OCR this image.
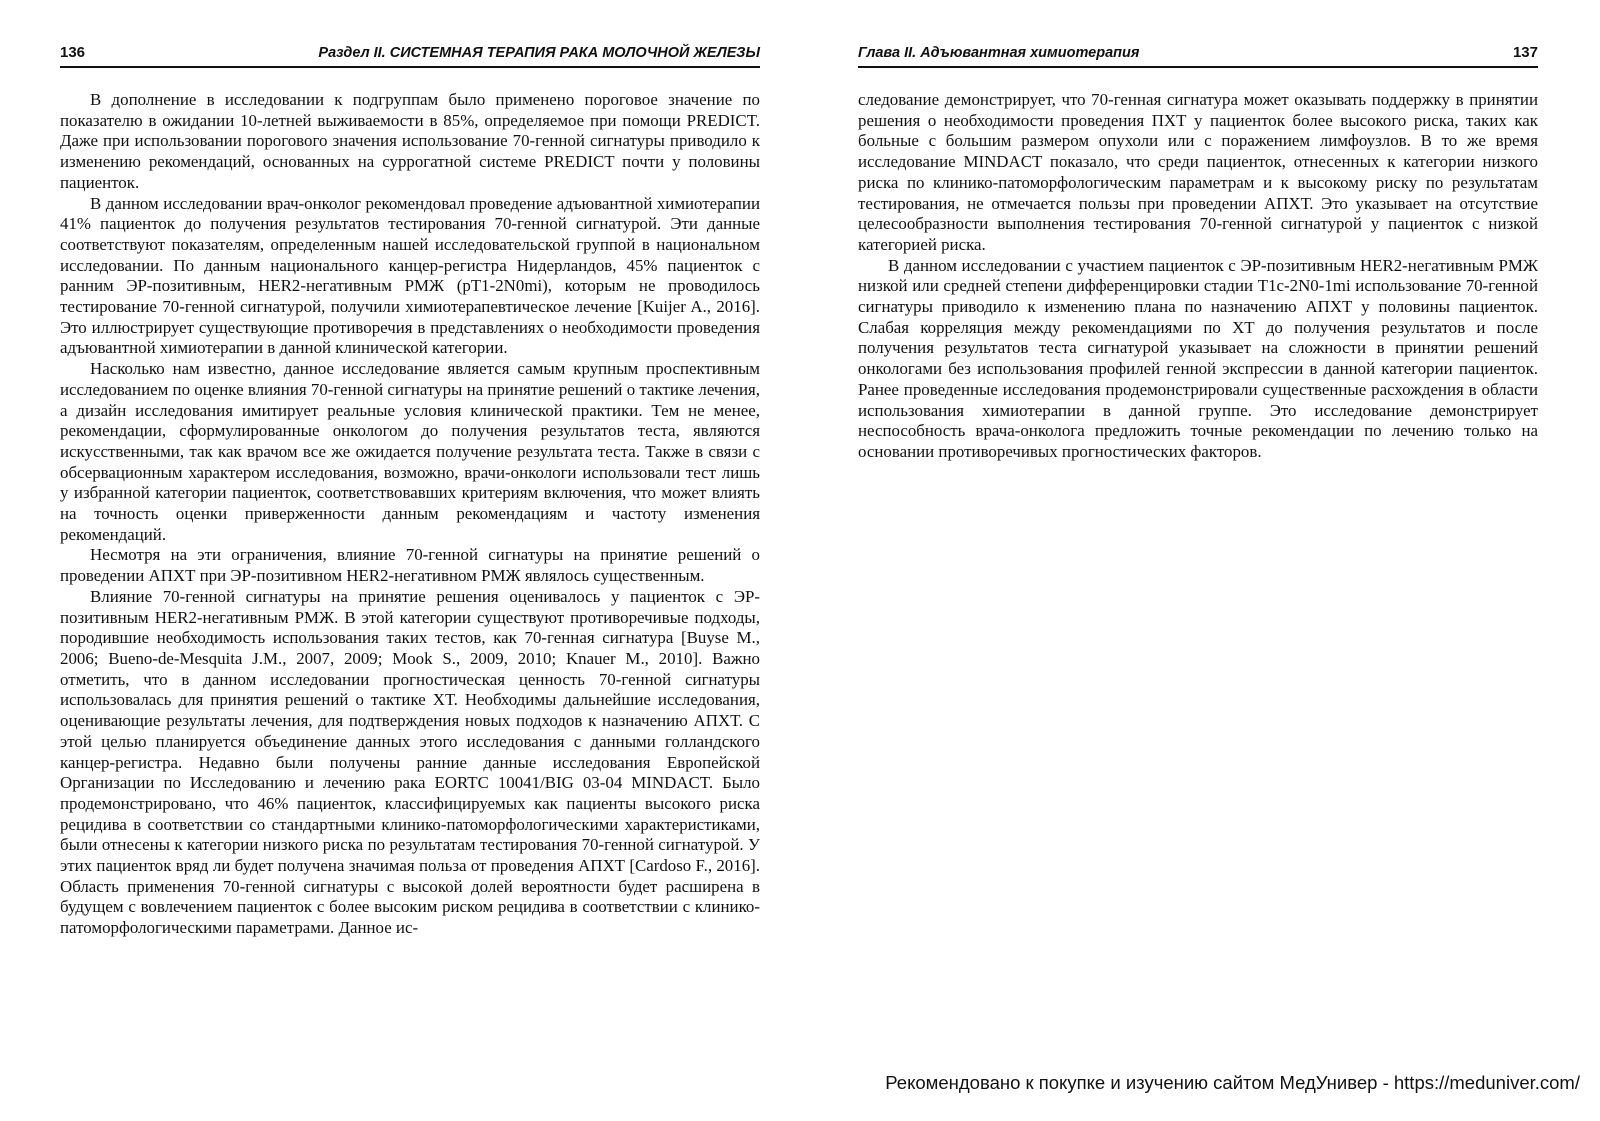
136	Раздел II. СИСТЕМНАЯ ТЕРАПИЯ РАКА МОЛОЧНОЙ ЖЕЛЕЗЫ

В дополнение в исследовании к подгруппам было применено пороговое значение по показателю в ожидании 10-летней выживаемости в 85%, определяемое при помощи PREDICT. Даже при использовании порогового значения использование 70-генной сигнатуры приводило к изменению рекомендаций, основанных на суррогатной системе PREDICT почти у половины пациенток.

В данном исследовании врач-онколог рекомендовал проведение адъювантной химиотерапии 41% пациенток до получения результатов тестирования 70-генной сигнатурой. Эти данные соответствуют показателям, определенным нашей исследовательской группой в национальном исследовании. По данным национального канцер-регистра Нидерландов, 45% пациенток с ранним ЭР-позитивным, HER2-негативным РМЖ (pT1-2N0mi), которым не проводилось тестирование 70-генной сигнатурой, получили химиотерапевтическое лечение [Kuijer A., 2016]. Это иллюстрирует существующие противоречия в представлениях о необходимости проведения адъювантной химиотерапии в данной клинической категории.

Насколько нам известно, данное исследование является самым крупным проспективным исследованием по оценке влияния 70-генной сигнатуры на принятие решений о тактике лечения, а дизайн исследования имитирует реальные условия клинической практики. Тем не менее, рекомендации, сформулированные онкологом до получения результатов теста, являются искусственными, так как врачом все же ожидается получение результата теста. Также в связи с обсервационным характером исследования, возможно, врачи-онкологи использовали тест лишь у избранной категории пациенток, соответствовавших критериям включения, что может влиять на точность оценки приверженности данным рекомендациям и частоту изменения рекомендаций.

Несмотря на эти ограничения, влияние 70-генной сигнатуры на принятие решений о проведении АПХТ при ЭР-позитивном HER2-негативном РМЖ являлось существенным.

Влияние 70-генной сигнатуры на принятие решения оценивалось у пациенток с ЭР-позитивным HER2-негативным РМЖ. В этой категории существуют противоречивые подходы, породившие необходимость использования таких тестов, как 70-генная сигнатура [Buyse M., 2006; Bueno-de-Mesquita J.M., 2007, 2009; Mook S., 2009, 2010; Knauer M., 2010]. Важно отметить, что в данном исследовании прогностическая ценность 70-генной сигнатуры использовалась для принятия решений о тактике ХТ. Необходимы дальнейшие исследования, оценивающие результаты лечения, для подтверждения новых подходов к назначению АПХТ. С этой целью планируется объединение данных этого исследования с данными голландского канцер-регистра. Недавно были получены ранние данные исследования Европейской Организации по Исследованию и лечению рака EORTC 10041/BIG 03-04 MINDACT. Было продемонстрировано, что 46% пациенток, классифицируемых как пациенты высокого риска рецидива в соответствии со стандартными клинико-патоморфологическими характеристиками, были отнесены к категории низкого риска по результатам тестирования 70-генной сигнатурой. У этих пациенток вряд ли будет получена значимая польза от проведения АПХТ [Cardoso F., 2016]. Область применения 70-генной сигнатуры с высокой долей вероятности будет расширена в будущем с вовлечением пациенток с более высоким риском рецидива в соответствии с клинико-патоморфологическими параметрами. Данное ис-

Глава II. Адъювантная химиотерапия	137

следование демонстрирует, что 70-генная сигнатура может оказывать поддержку в принятии решения о необходимости проведения ПХТ у пациенток более высокого риска, таких как больные с большим размером опухоли или с поражением лимфоузлов. В то же время исследование MINDACT показало, что среди пациенток, отнесенных к категории низкого риска по клинико-патоморфологическим параметрам и к высокому риску по результатам тестирования, не отмечается пользы при проведении АПХТ. Это указывает на отсутствие целесообразности выполнения тестирования 70-генной сигнатурой у пациенток с низкой категорией риска.

В данном исследовании с участием пациенток с ЭР-позитивным HER2-негативным РМЖ низкой или средней степени дифференцировки стадии T1c-2N0-1mi использование 70-генной сигнатуры приводило к изменению плана по назначению АПХТ у половины пациенток. Слабая корреляция между рекомендациями по ХТ до получения результатов и после получения результатов теста сигнатурой указывает на сложности в принятии решений онкологами без использования профилей генной экспрессии в данной категории пациенток. Ранее проведенные исследования продемонстрировали существенные расхождения в области использования химиотерапии в данной группе. Это исследование демонстрирует неспособность врача-онколога предложить точные рекомендации по лечению только на основании противоречивых прогностических факторов.

Рекомендовано к покупке и изучению сайтом МедУнивер - https://meduniver.com/
